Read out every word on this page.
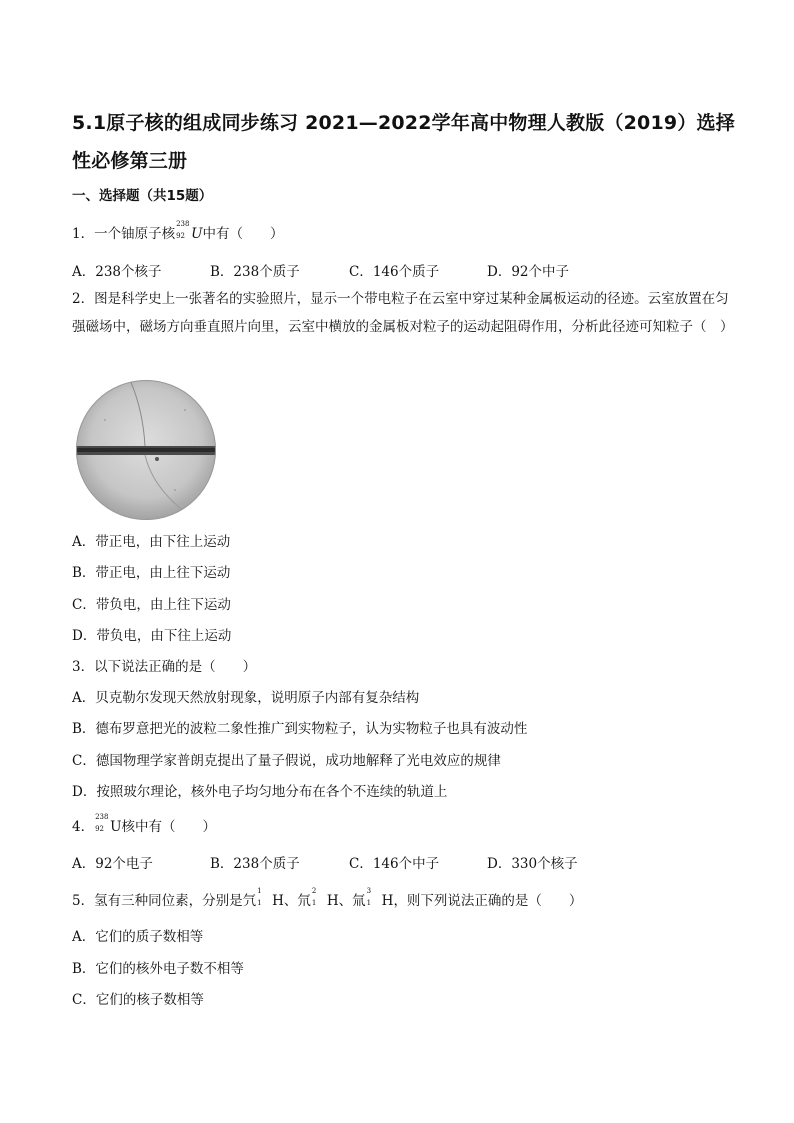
5.1原子核的组成同步练习 2021—2022学年高中物理人教版（2019）选择性必修第三册
一、选择题（共15题）
1．一个铀原子核
238
92 U中有（　　）
A．238个核子	B．238个质子	C．146个质子	D．92个中子
2．图是科学史上一张著名的实验照片，显示一个带电粒子在云室中穿过某种金属板运动的径迹。云室放置在匀强磁场中，磁场方向垂直照片向里，云室中横放的金属板对粒子的运动起阻碍作用，分析此径迹可知粒子（　）
A．带正电，由下往上运动
B．带正电，由上往下运动
C．带负电，由上往下运动
D．带负电，由下往上运动
3．以下说法正确的是（　　）
A．贝克勒尔发现天然放射现象，说明原子内部有复杂结构
B．德布罗意把光的波粒二象性推广到实物粒子，认为实物粒子也具有波动性
C．德国物理学家普朗克提出了量子假说，成功地解释了光电效应的规律
D．按照玻尔理论，核外电子均匀地分布在各个不连续的轨道上
4．
238
92 U核中有（　　）
A．92个电子	B．238个质子	C．146个中子	D．330个核子
5．氢有三种同位素，分别是氕
1
1 H、氘
2
1 H、氚
3
1 H，则下列说法正确的是（　　）
A．它们的质子数相等
B．它们的核外电子数不相等
C．它们的核子数相等
